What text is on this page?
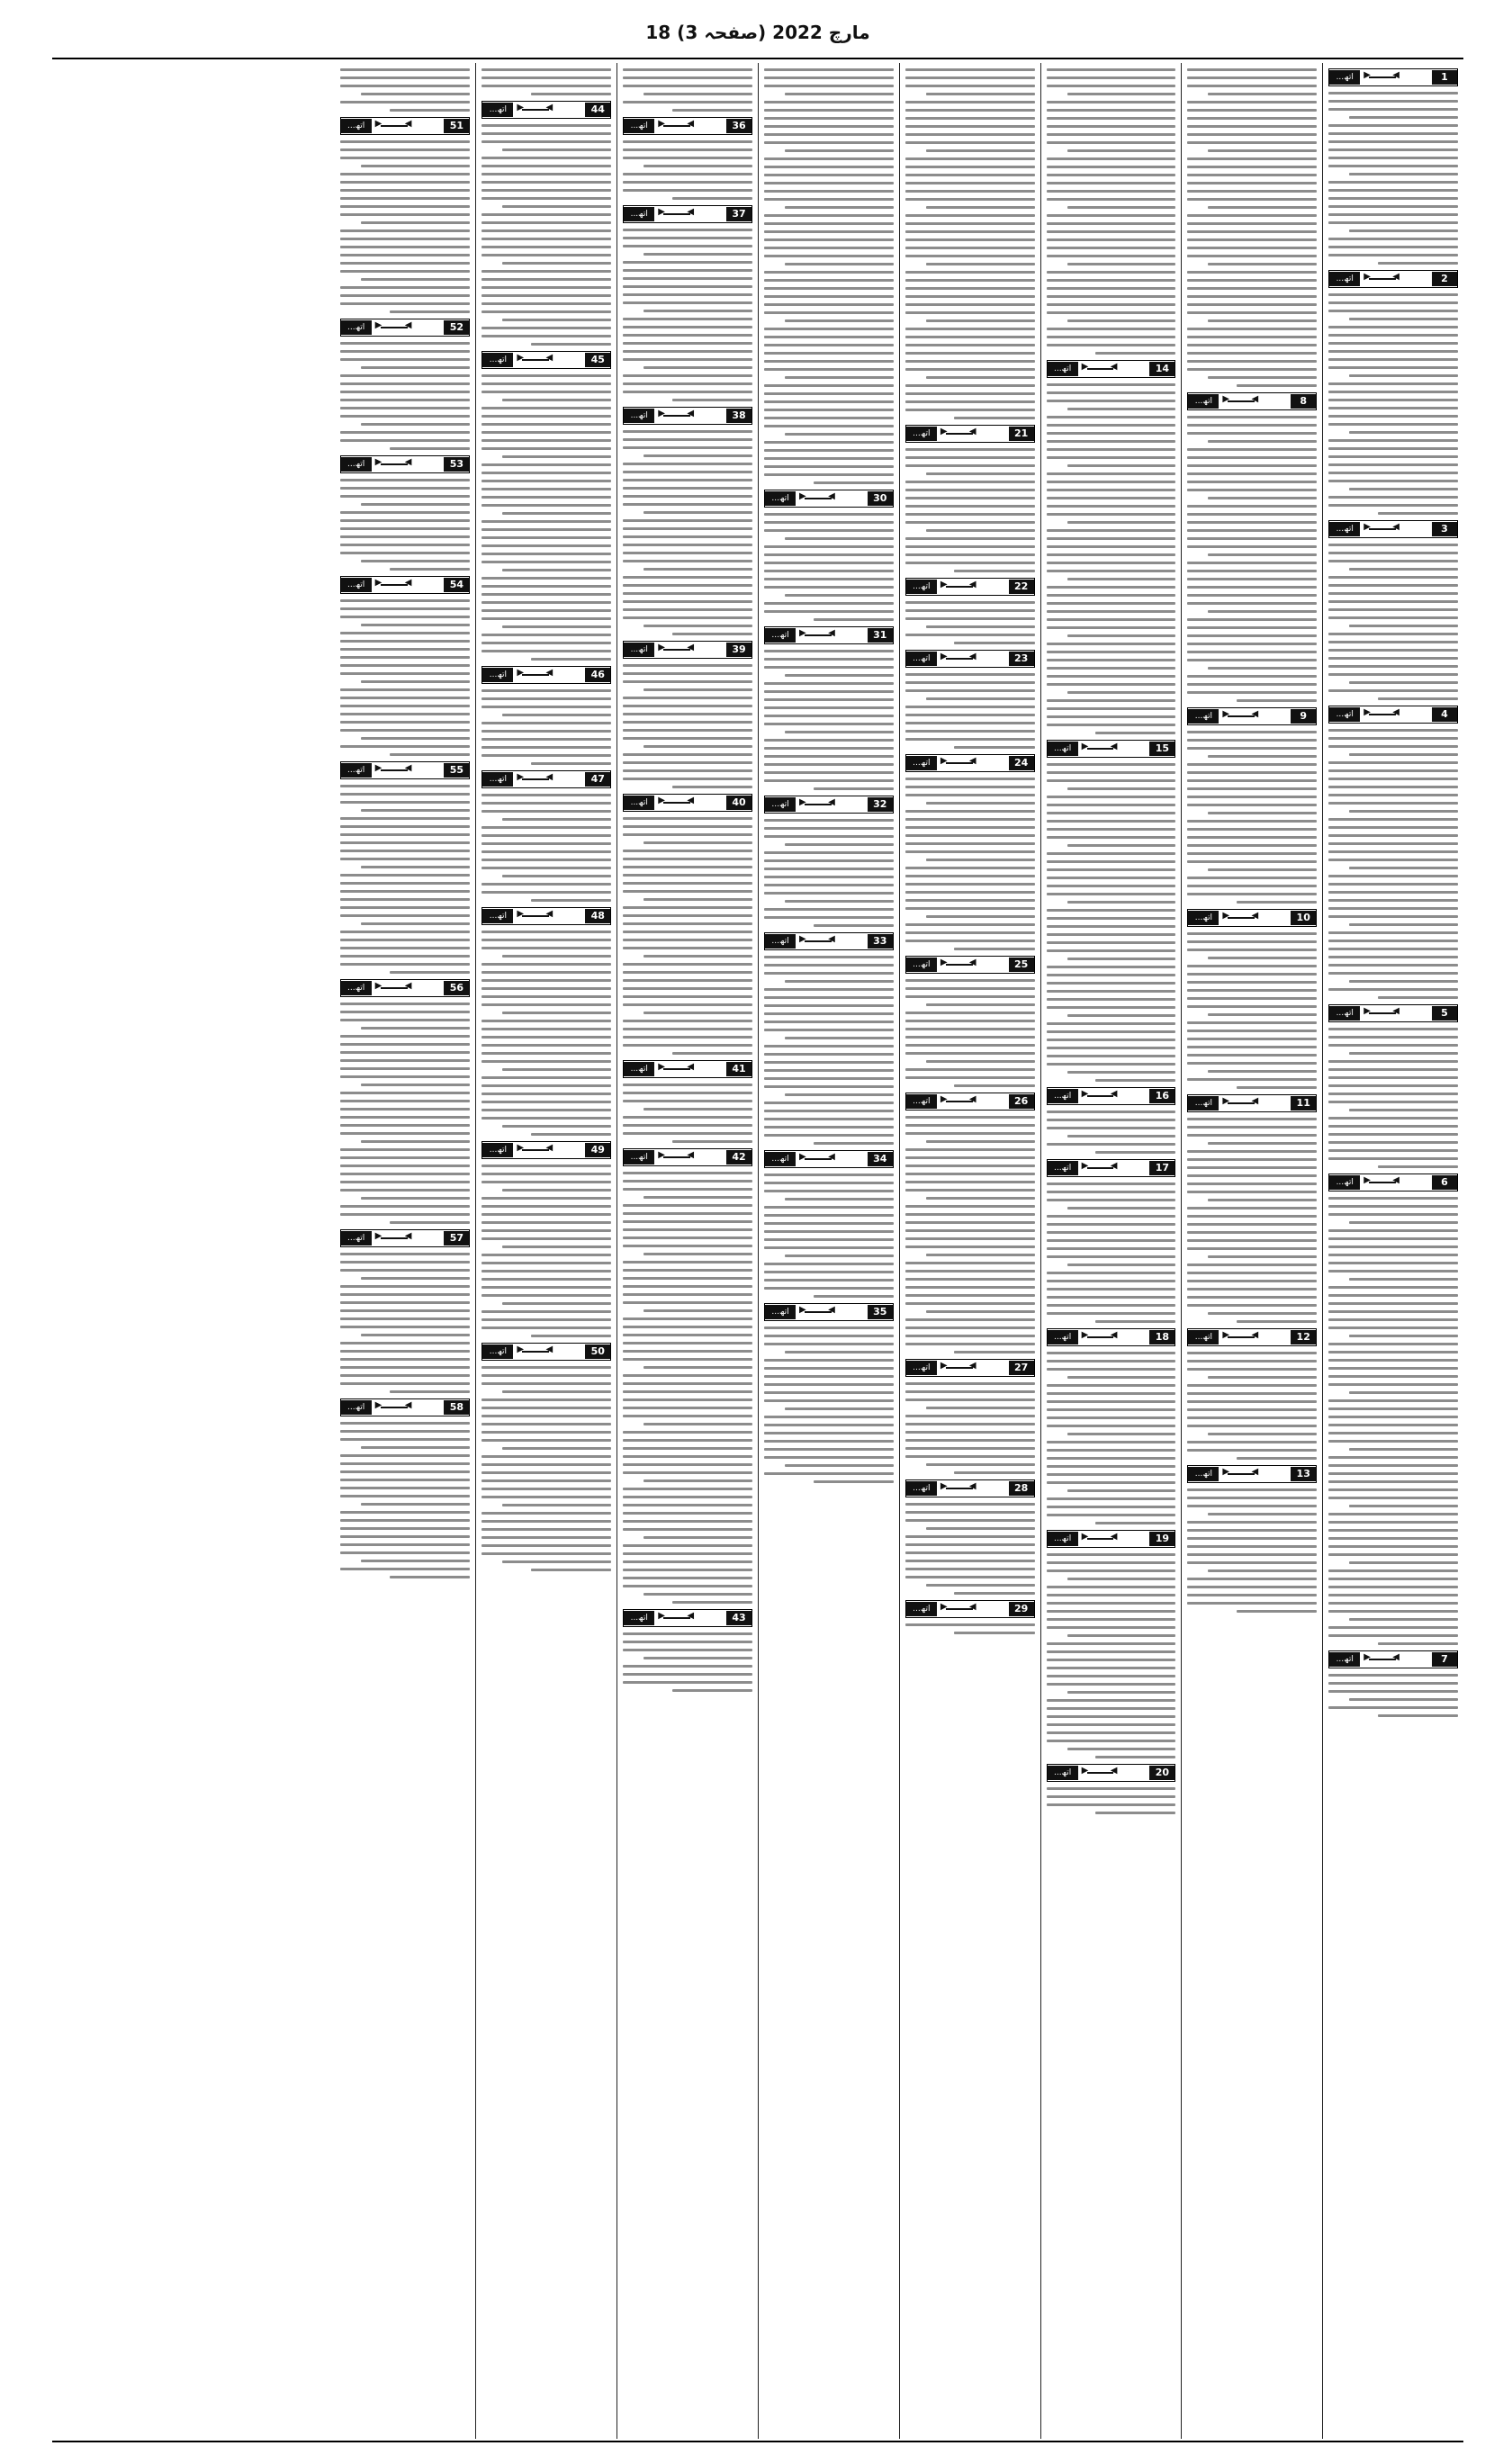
18 مارچ 2022 (صفحہ 3)
1
▶
◀
اتھ...
2
▶
◀
اتھ...
3
▶
◀
اتھ...
4
▶
◀
اتھ...
5
▶
◀
اتھ...
6
▶
◀
اتھ...
7
▶
◀
اتھ...
8
▶
◀
اتھ...
9
▶
◀
اتھ...
10
▶
◀
اتھ...
11
▶
◀
اتھ...
12
▶
◀
اتھ...
13
▶
◀
اتھ...
14
▶
◀
اتھ...
15
▶
◀
اتھ...
16
▶
◀
اتھ...
17
▶
◀
اتھ...
18
▶
◀
اتھ...
19
▶
◀
اتھ...
20
▶
◀
اتھ...
21
▶
◀
اتھ...
22
▶
◀
اتھ...
23
▶
◀
اتھ...
24
▶
◀
اتھ...
25
▶
◀
اتھ...
26
▶
◀
اتھ...
27
▶
◀
اتھ...
28
▶
◀
اتھ...
29
▶
◀
اتھ...
30
▶
◀
اتھ...
31
▶
◀
اتھ...
32
▶
◀
اتھ...
33
▶
◀
اتھ...
34
▶
◀
اتھ...
35
▶
◀
اتھ...
36
▶
◀
اتھ...
37
▶
◀
اتھ...
38
▶
◀
اتھ...
39
▶
◀
اتھ...
40
▶
◀
اتھ...
41
▶
◀
اتھ...
42
▶
◀
اتھ...
43
▶
◀
اتھ...
44
▶
◀
اتھ...
45
▶
◀
اتھ...
46
▶
◀
اتھ...
47
▶
◀
اتھ...
48
▶
◀
اتھ...
49
▶
◀
اتھ...
50
▶
◀
اتھ...
51
▶
◀
اتھ...
52
▶
◀
اتھ...
53
▶
◀
اتھ...
54
▶
◀
اتھ...
55
▶
◀
اتھ...
56
▶
◀
اتھ...
57
▶
◀
اتھ...
58
▶
◀
اتھ...
